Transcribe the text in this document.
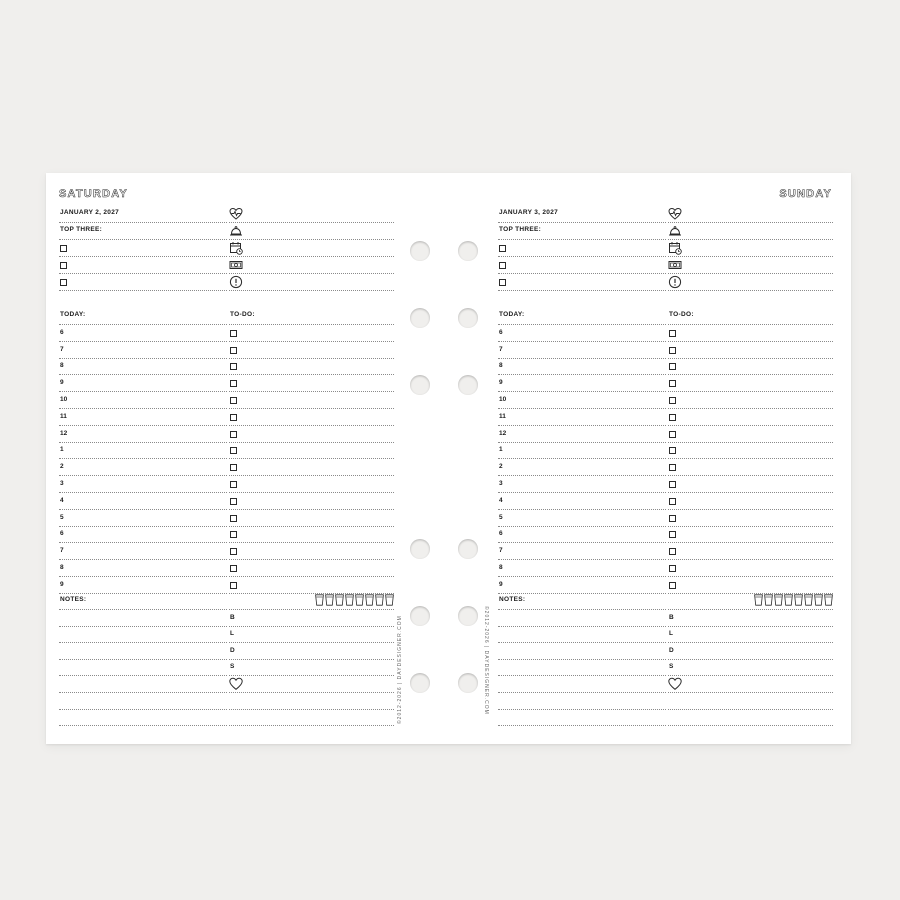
SATURDAY
JANUARY 2, 2027
TOP THREE:
TODAY:	TO-DO:
6
7
8
9
10
11
12
1
2
3
4
5
6
7
8
9
NOTES:
B
L
D
S
SUNDAY
JANUARY 3, 2027
TOP THREE:
TODAY:	TO-DO:
6
7
8
9
10
11
12
1
2
3
4
5
6
7
8
9
NOTES:
B
L
D
S
©2012-2026 | DAYDESIGNER.COM	©2012-2026 | DAYDESIGNER.COM
